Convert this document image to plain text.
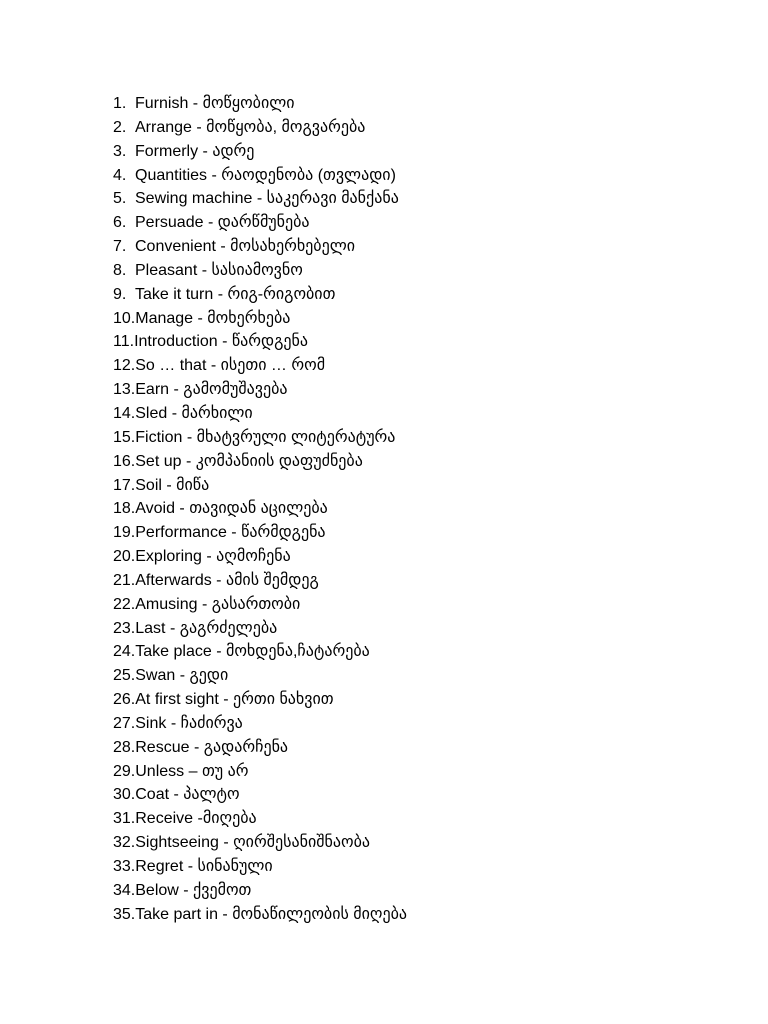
1. Furnish - მოწყობილი
2. Arrange - მოწყობა, მოგვარება
3. Formerly - ადრე
4. Quantities - რაოდენობა (თვლადი)
5. Sewing machine - საკერავი მანქანა
6. Persuade - დარწმუნება
7. Convenient - მოსახერხებელი
8. Pleasant - სასიამოვნო
9. Take it turn - რიგ-რიგობით
10. Manage - მოხერხება
11. Introduction - წარდგენა
12. So … that - ისეთი … რომ
13. Earn - გამომუშავება
14. Sled - მარხილი
15. Fiction - მხატვრული ლიტერატურა
16. Set up - კომპანიის დაფუძნება
17. Soil - მიწა
18. Avoid - თავიდან აცილება
19. Performance - წარმდგენა
20. Exploring - აღმოჩენა
21. Afterwards - ამის შემდეგ
22. Amusing - გასართობი
23. Last - გაგრძელება
24. Take place - მოხდენა,ჩატარება
25. Swan - გედი
26. At first sight - ერთი ნახვით
27. Sink - ჩაძირვა
28. Rescue - გადარჩენა
29. Unless – თუ არ
30. Coat - პალტო
31. Receive - მიღება
32. Sightseeing - ღირშესანიშნაობა
33. Regret - სინანული
34. Below - ქვემოთ
35. Take part in - მონაწილეობის მიღება
